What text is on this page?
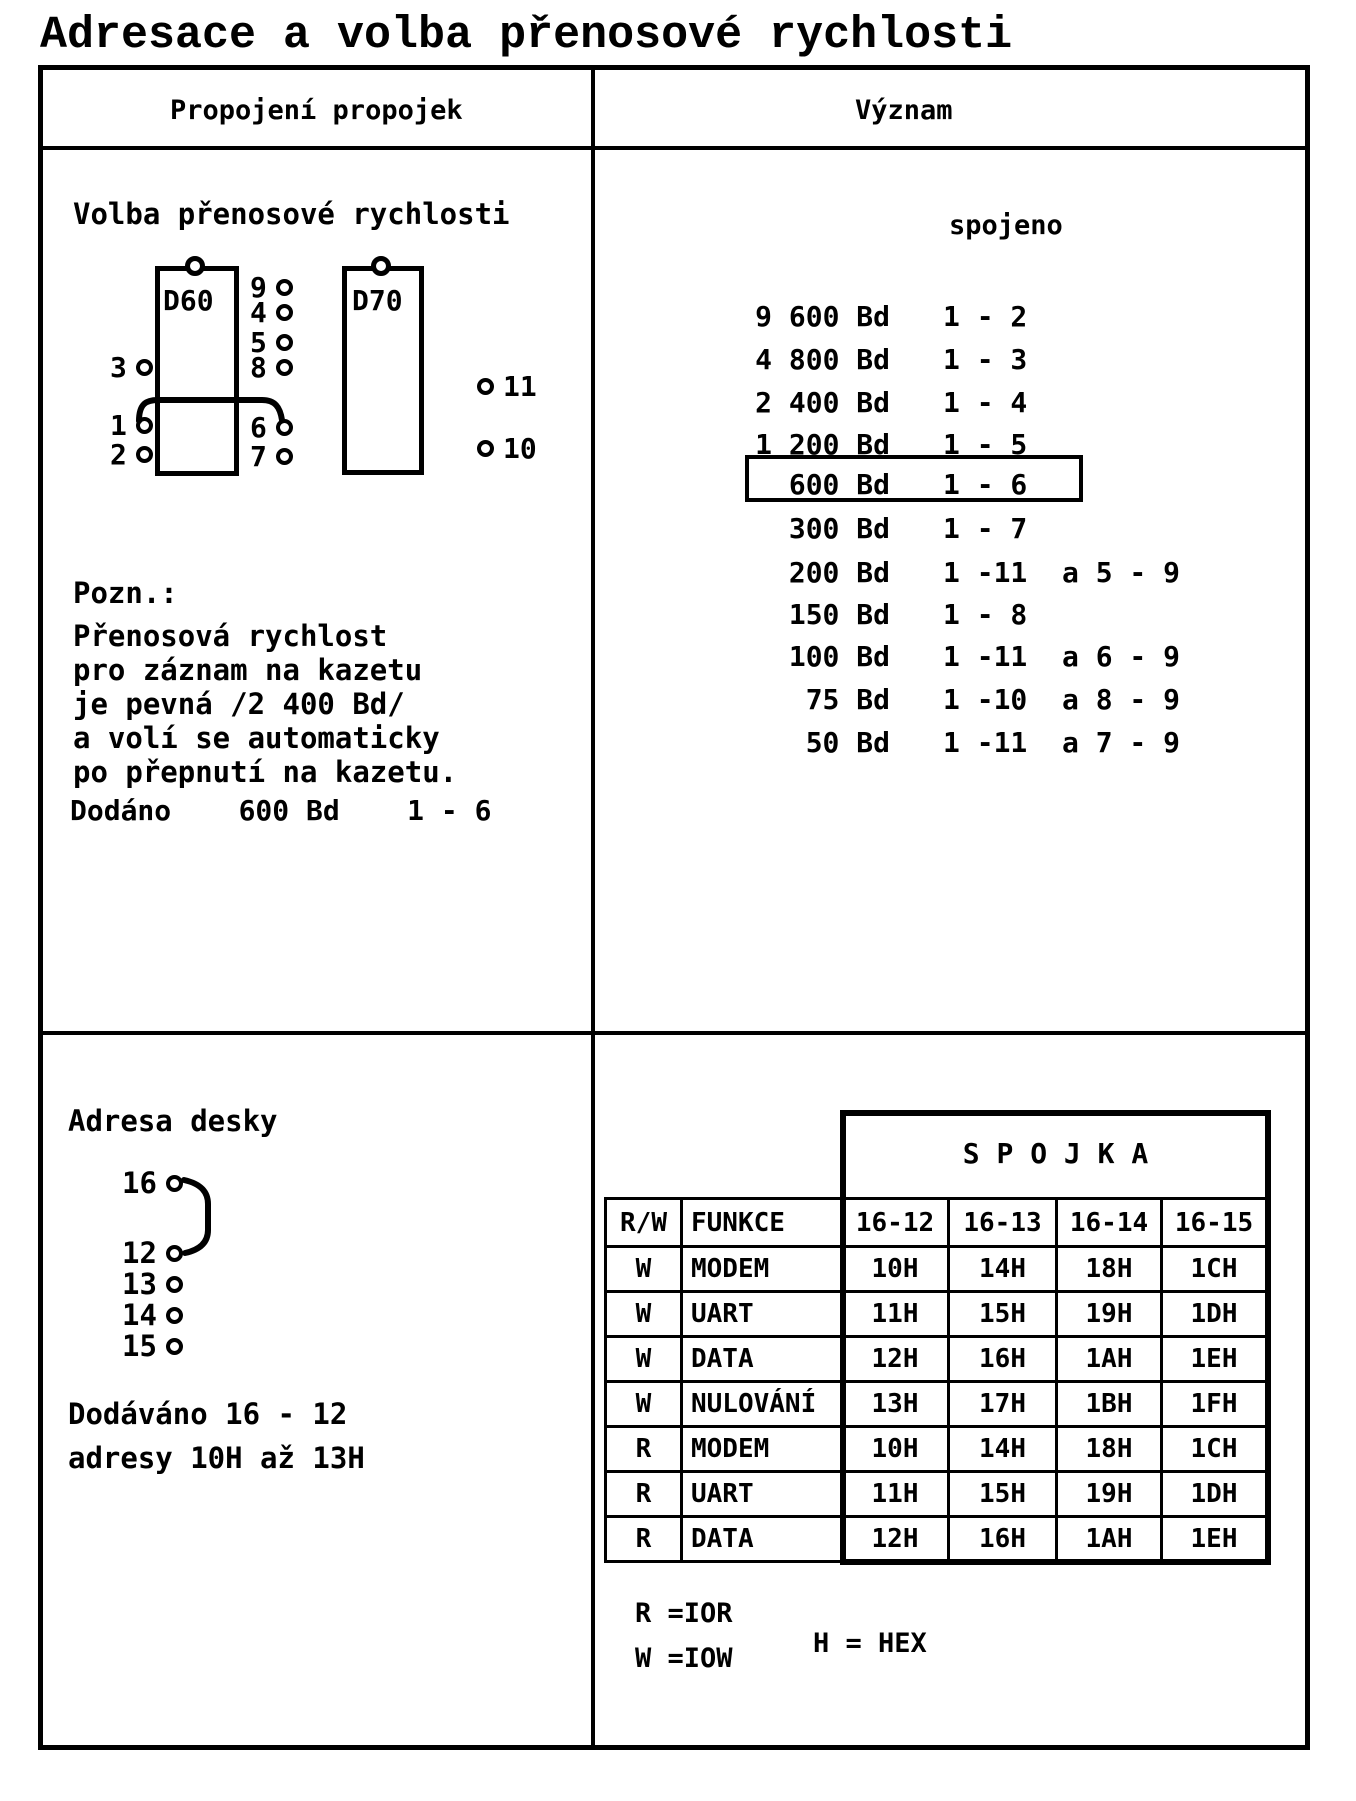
Adresace a volba přenosové rychlosti
Propojení propojek	Význam
Volba přenosové rychlosti
D60	D70
9
4
5
8
6
7
3
1
2
11
10
Pozn.:
Přenosová rychlost
pro záznam na kazetu
je pevná /2 400 Bd/
a volí se automaticky
po přepnutí na kazetu.
Dodáno    600 Bd    1 - 6
spojeno
9 600 Bd 1 - 2
4 800 Bd 1 - 3
2 400 Bd 1 - 4
1 200 Bd 1 - 5
600 Bd 1 - 6
300 Bd 1 - 7
200 Bd 1 -11 a 5 - 9
150 Bd 1 - 8
100 Bd 1 -11 a 6 - 9
75 Bd 1 -10 a 8 - 9
50 Bd 1 -11 a 7 - 9
Adresa desky
16
12
13
14
15
Dodáváno 16 - 12
adresy 10H až 13H
S P O J K A
R/W	FUNKCE	16-12	16-13	16-14	16-15
W	MODEM	10H	14H	18H	1CH
W	UART	11H	15H	19H	1DH
W	DATA	12H	16H	1AH	1EH
W	NULOVÁNÍ	13H	17H	1BH	1FH
R	MODEM	10H	14H	18H	1CH
R	UART	11H	15H	19H	1DH
R	DATA	12H	16H	1AH	1EH
R =IOR
W =IOW	H = HEX
